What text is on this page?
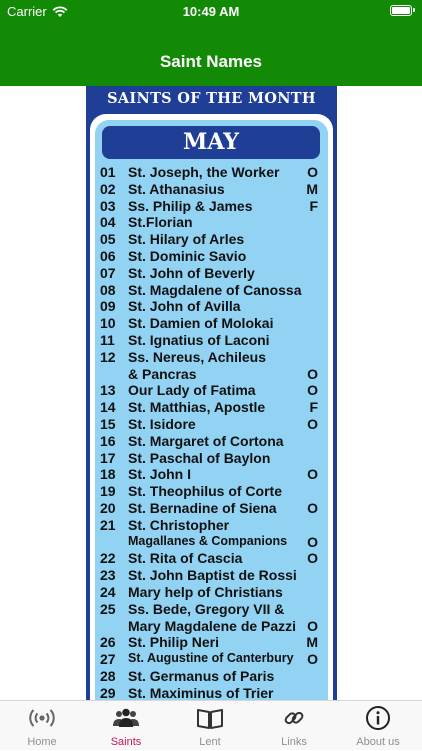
Carrier	10:49 AM
Saint Names
SAINTS OF THE MONTH
MAY
01 St. Joseph, the Worker O
02 St. Athanasius	M
03 Ss. Philip & James	F
04 St.Florian
05 St. Hilary of Arles
06 St. Dominic Savio
07 St. John of Beverly
08 St. Magdalene of Canossa
09 St. John of Avilla
10 St. Damien of Molokai
11 St. Ignatius of Laconi
12 Ss. Nereus, Achileus
& Pancras	O
13 Our Lady of Fatima	O
14 St. Matthias, Apostle	F
15 St. Isidore	O
16 St. Margaret of Cortona
17 St. Paschal of Baylon
18 St. John I	O
19 St. Theophilus of Corte
20 St. Bernadine of Siena O
21 St. Christopher
Magallanes & Companions O
22 St. Rita of Cascia	O
23 St. John Baptist de Rossi
24 Mary help of Christians
25 Ss. Bede, Gregory VII &
Mary Magdalene de Pazzi O
26 St. Philip Neri	M
27 St. Augustine of Canterbury O
28 St. Germanus of Paris
29 St. Maximinus of Trier
Home	Saints	Lent	Links	About us
